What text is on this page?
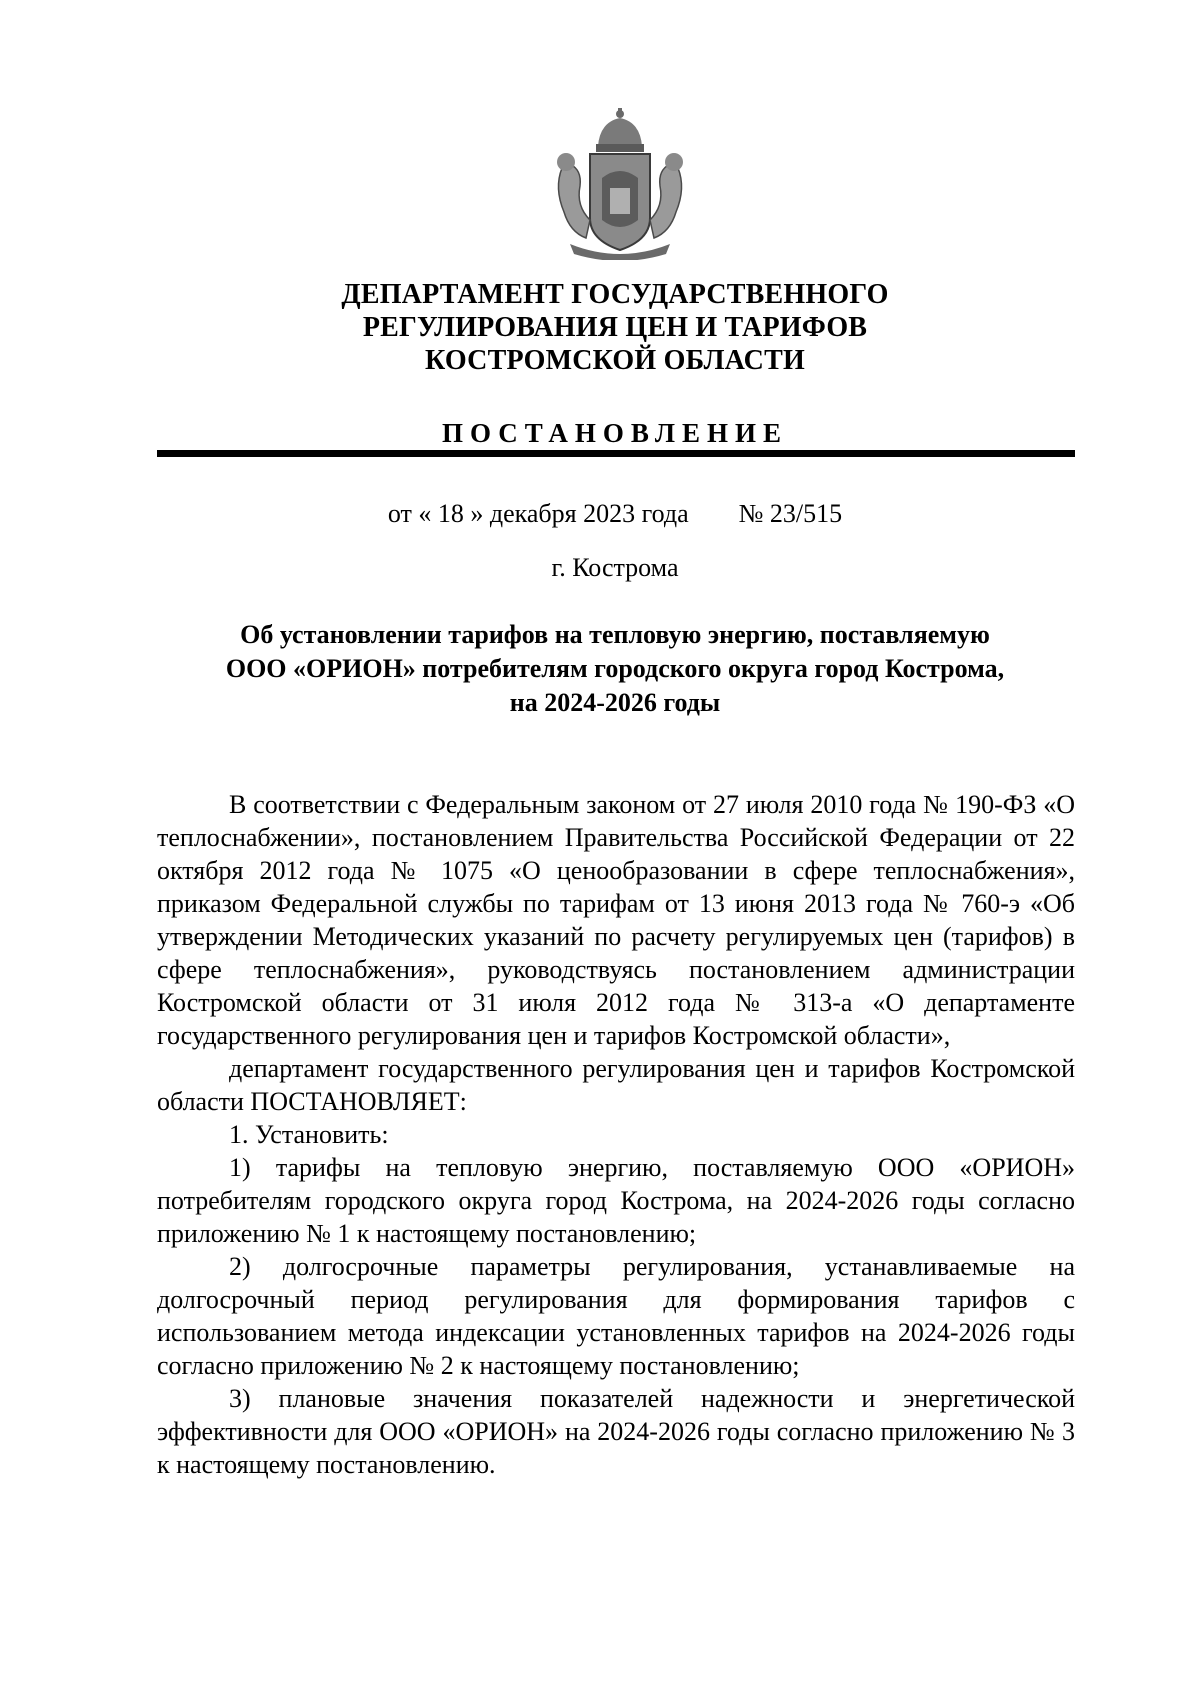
ДЕПАРТАМЕНТ ГОСУДАРСТВЕННОГО
РЕГУЛИРОВАНИЯ ЦЕН И ТАРИФОВ
КОСТРОМСКОЙ ОБЛАСТИ
ПОСТАНОВЛЕНИЕ
от « 18 » декабря 2023 года № 23/515
г. Кострома
Об установлении тарифов на тепловую энергию, поставляемую
ООО «ОРИОН» потребителям городского округа город Кострома,
на 2024-2026 годы

В соответствии с Федеральным законом от 27 июля 2010 года № 190-ФЗ «О теплоснабжении», постановлением Правительства Российской Федерации от 22 октября 2012 года № 1075 «О ценообразовании в сфере теплоснабжения», приказом Федеральной службы по тарифам от 13 июня 2013 года № 760-э «Об утверждении Методических указаний по расчету регулируемых цен (тарифов) в сфере теплоснабжения», руководствуясь постановлением администрации Костромской области от 31 июля 2012 года № 313-а «О департаменте государственного регулирования цен и тарифов Костромской области»,

департамент государственного регулирования цен и тарифов Костромской области ПОСТАНОВЛЯЕТ:

1. Установить:

1) тарифы на тепловую энергию, поставляемую ООО «ОРИОН» потребителям городского округа город Кострома, на 2024-2026 годы согласно приложению № 1 к настоящему постановлению;

2) долгосрочные параметры регулирования, устанавливаемые на долгосрочный период регулирования для формирования тарифов с использованием метода индексации установленных тарифов на 2024-2026 годы согласно приложению № 2 к настоящему постановлению;

3) плановые значения показателей надежности и энергетической эффективности для ООО «ОРИОН» на 2024-2026 годы согласно приложению № 3 к настоящему постановлению.
